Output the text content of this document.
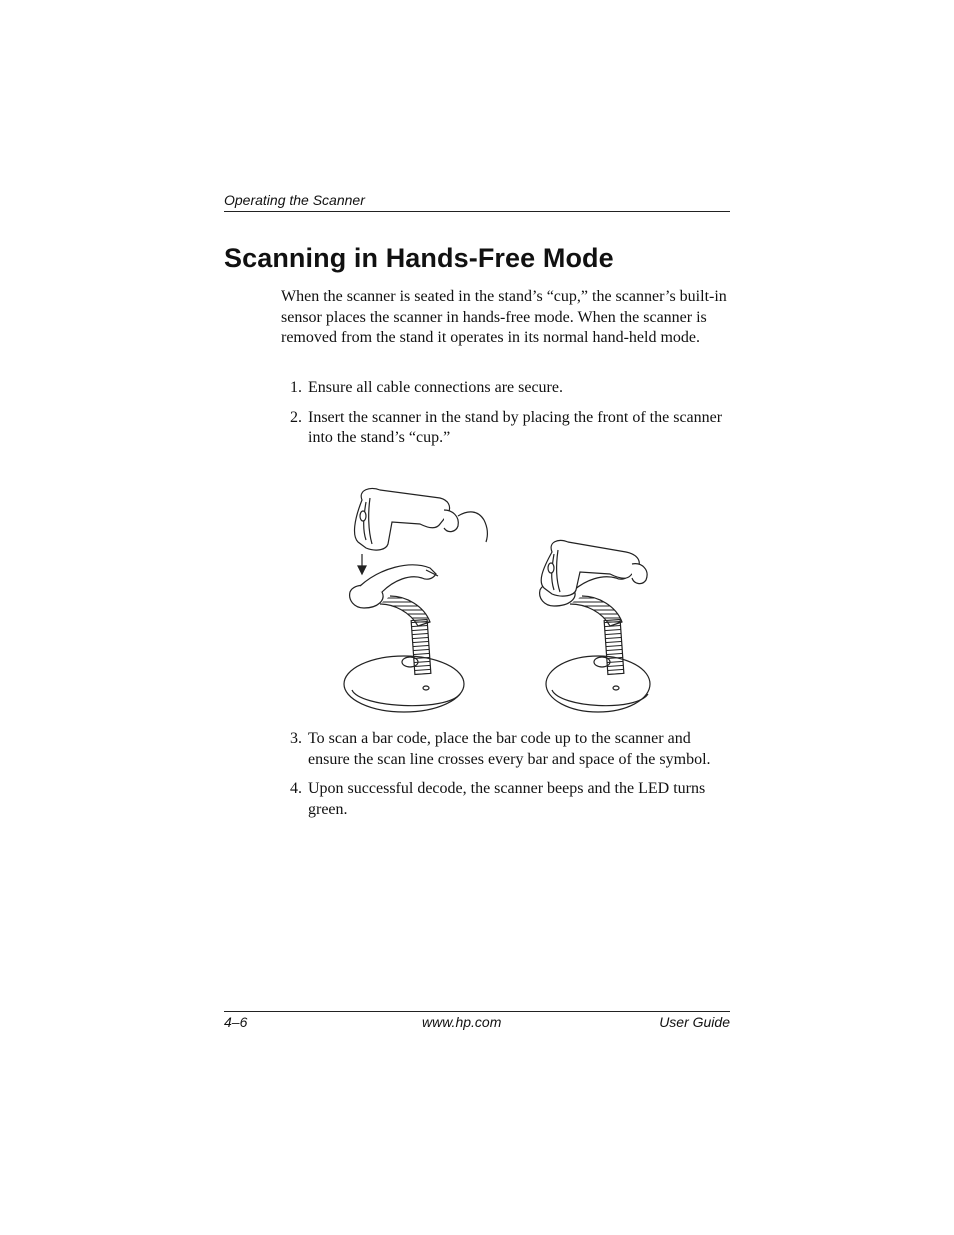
Operating the Scanner
Scanning in Hands-Free Mode

When the scanner is seated in the stand’s “cup,” the scanner’s built-in sensor places the scanner in hands-free mode. When the scanner is removed from the stand it operates in its normal hand-held mode.

1. Ensure all cable connections are secure.
2. Insert the scanner in the stand by placing the front of the scanner into the stand’s “cup.”
3. To scan a bar code, place the bar code up to the scanner and ensure the scan line crosses every bar and space of the symbol.
4. Upon successful decode, the scanner beeps and the LED turns green.
4–6	www.hp.com	User Guide
